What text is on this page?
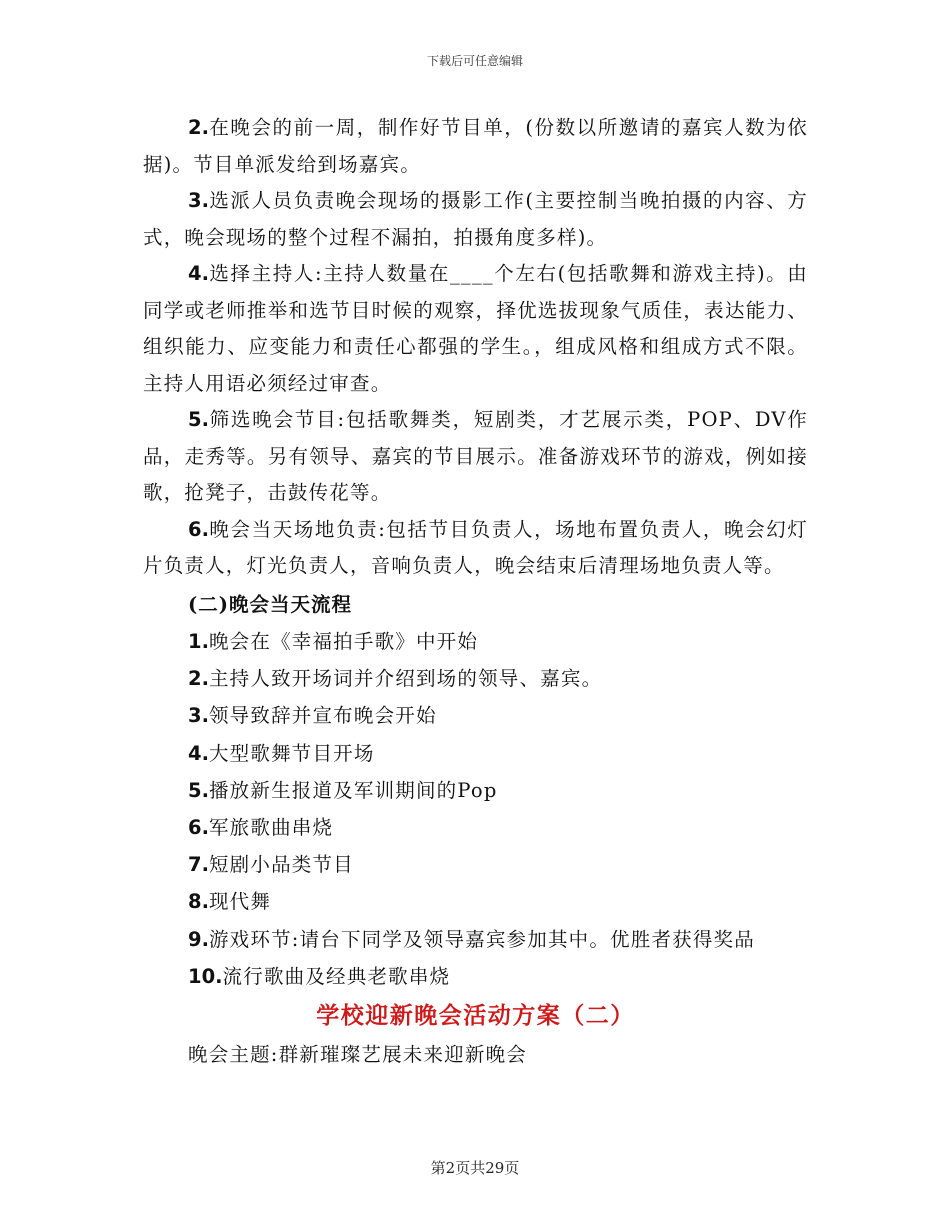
下载后可任意编辑

2.在晚会的前一周，制作好节目单，(份数以所邀请的嘉宾人数为依据)。节目单派发给到场嘉宾。

3.选派人员负责晚会现场的摄影工作(主要控制当晚拍摄的内容、方式，晚会现场的整个过程不漏拍，拍摄角度多样)。

4.选择主持人:主持人数量在____个左右(包括歌舞和游戏主持)。由同学或老师推举和选节目时候的观察，择优选拔现象气质佳，表达能力、组织能力、应变能力和责任心都强的学生。，组成风格和组成方式不限。主持人用语必须经过审查。

5.筛选晚会节目:包括歌舞类，短剧类，才艺展示类，POP、DV作品，走秀等。另有领导、嘉宾的节目展示。准备游戏环节的游戏，例如接歌，抢凳子，击鼓传花等。

6.晚会当天场地负责:包括节目负责人，场地布置负责人，晚会幻灯片负责人，灯光负责人，音响负责人，晚会结束后清理场地负责人等。

(二)晚会当天流程

1.晚会在《幸福拍手歌》中开始

2.主持人致开场词并介绍到场的领导、嘉宾。

3.领导致辞并宣布晚会开始

4.大型歌舞节目开场

5.播放新生报道及军训期间的Pop

6.军旅歌曲串烧

7.短剧小品类节目

8.现代舞

9.游戏环节:请台下同学及领导嘉宾参加其中。优胜者获得奖品

10.流行歌曲及经典老歌串烧

学校迎新晚会活动方案（二）

晚会主题:群新璀璨艺展未来迎新晚会

第2页共29页
